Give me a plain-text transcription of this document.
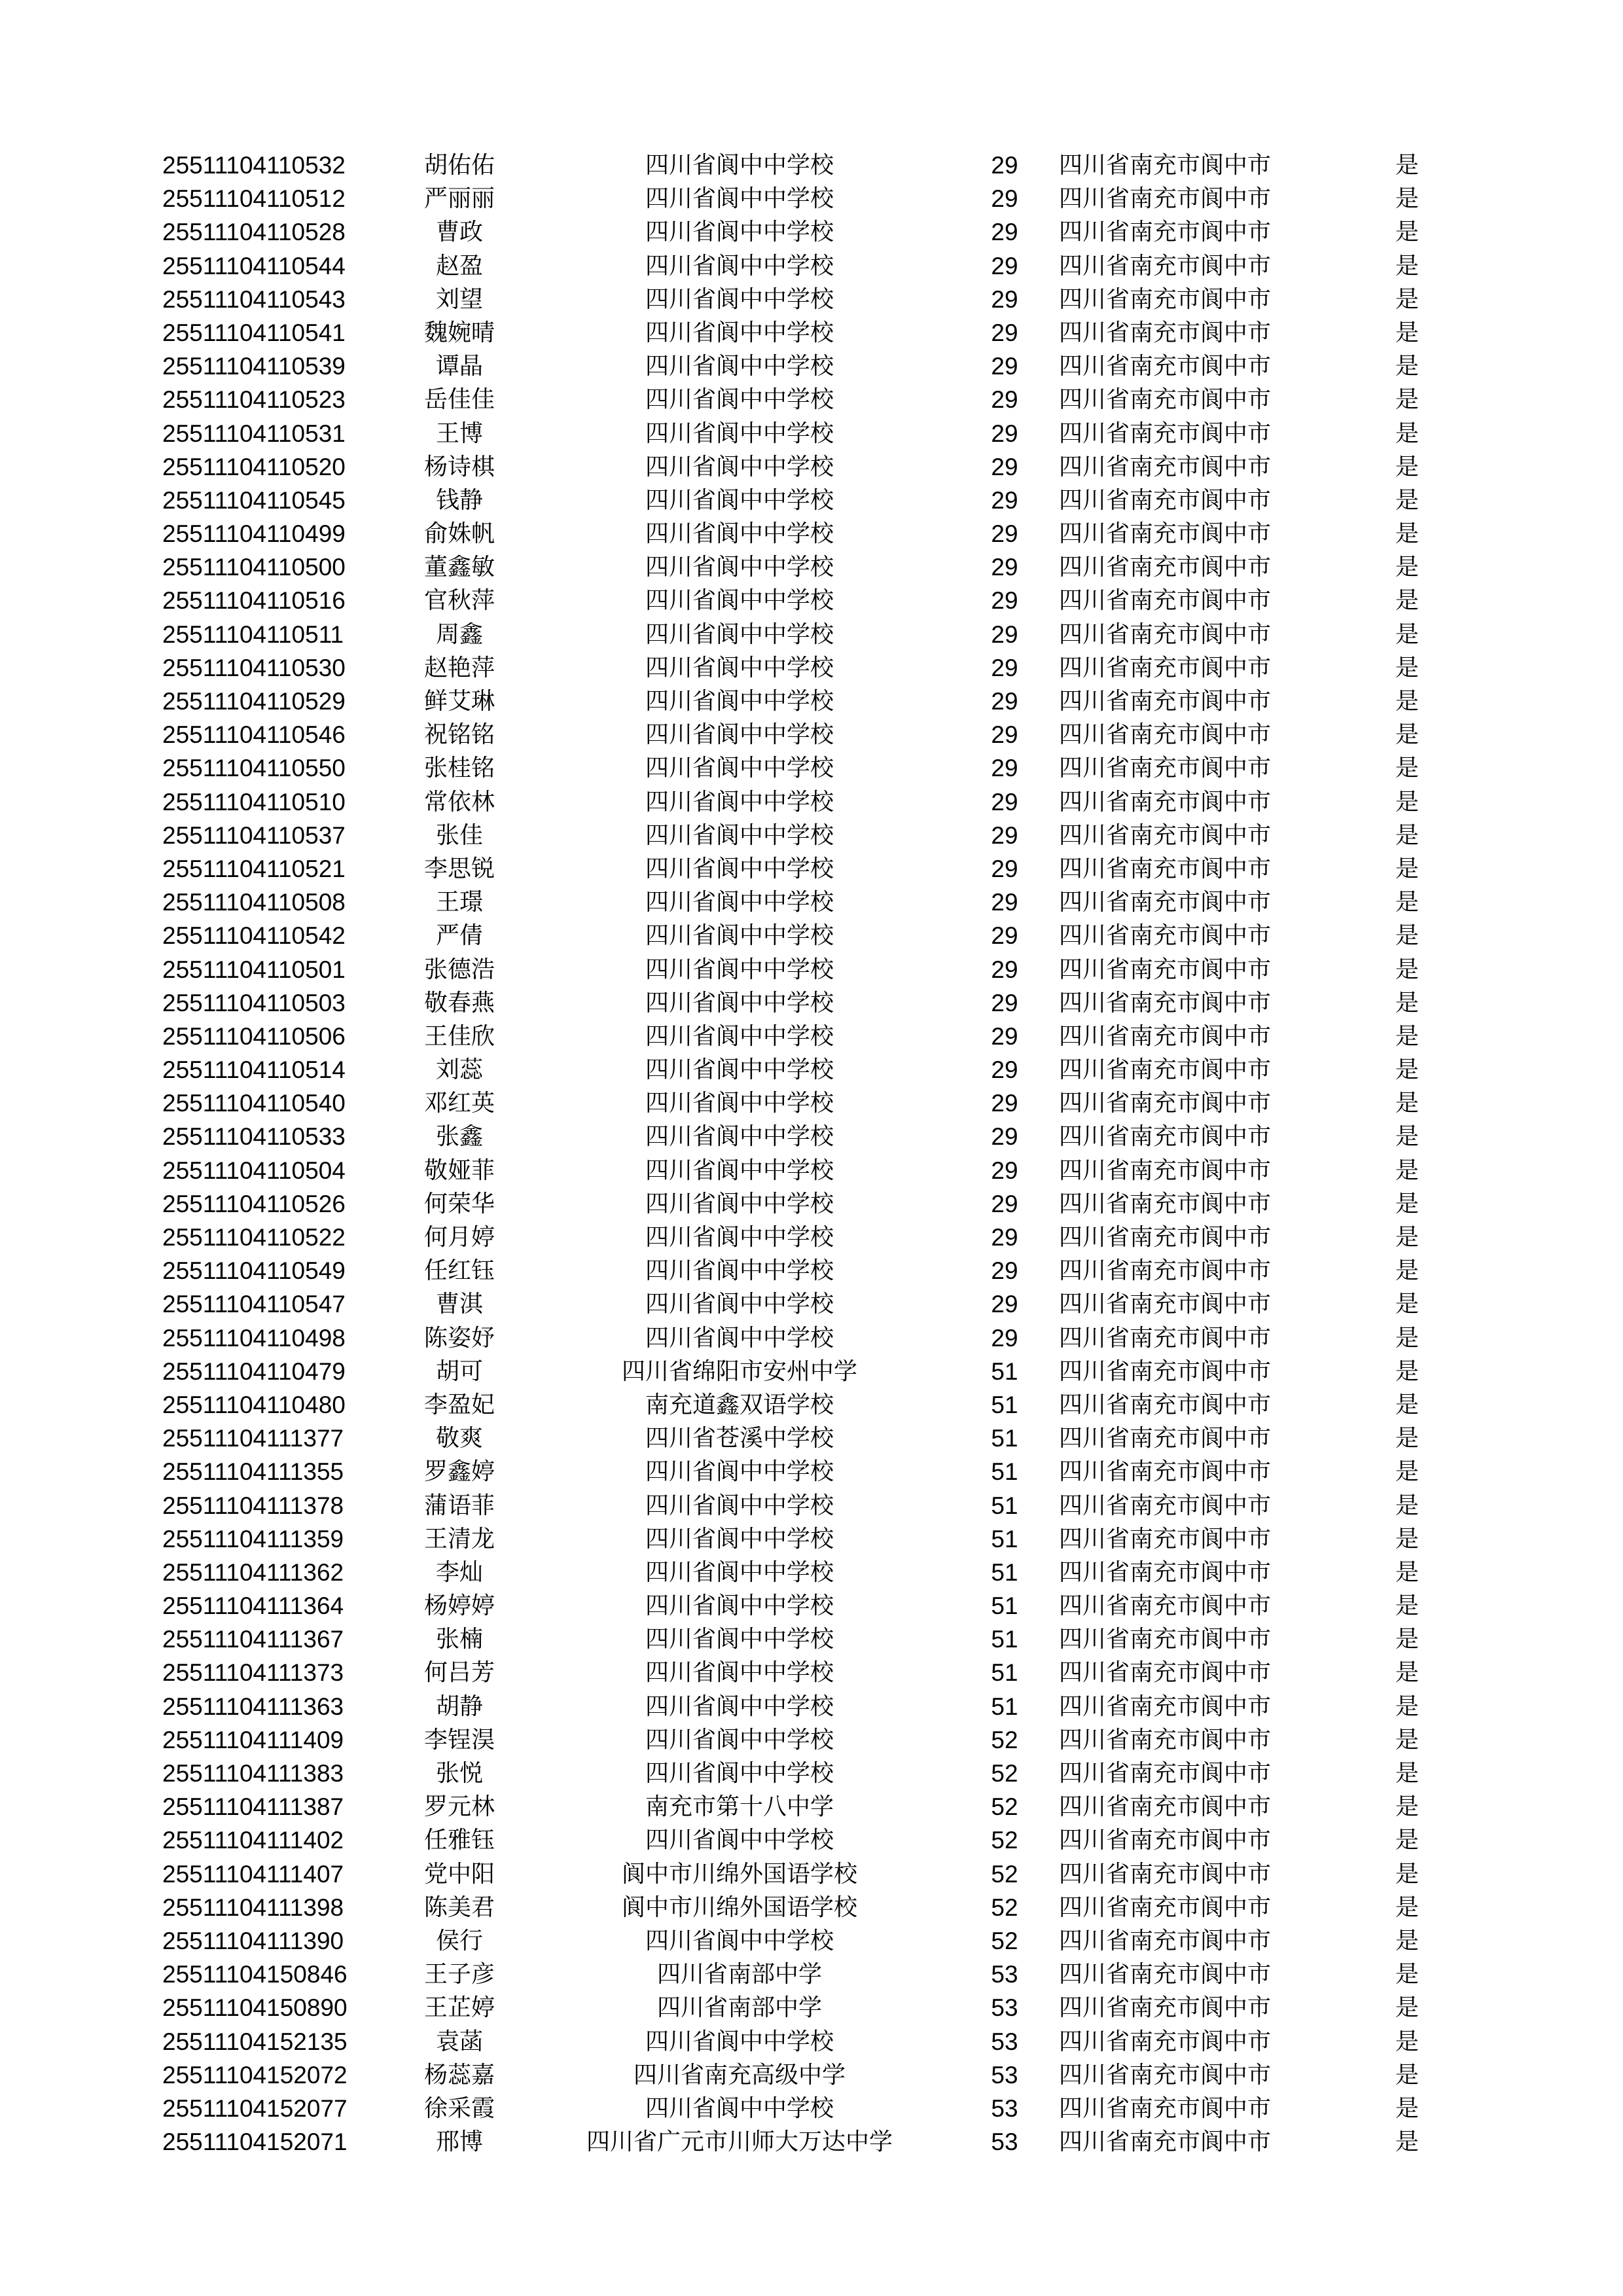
25511104110532	胡佑佑	四川省阆中中学校	29	四川省南充市阆中市	是
25511104110512	严丽丽	四川省阆中中学校	29	四川省南充市阆中市	是
25511104110528	曹政	四川省阆中中学校	29	四川省南充市阆中市	是
25511104110544	赵盈	四川省阆中中学校	29	四川省南充市阆中市	是
25511104110543	刘望	四川省阆中中学校	29	四川省南充市阆中市	是
25511104110541	魏婉晴	四川省阆中中学校	29	四川省南充市阆中市	是
25511104110539	谭晶	四川省阆中中学校	29	四川省南充市阆中市	是
25511104110523	岳佳佳	四川省阆中中学校	29	四川省南充市阆中市	是
25511104110531	王博	四川省阆中中学校	29	四川省南充市阆中市	是
25511104110520	杨诗棋	四川省阆中中学校	29	四川省南充市阆中市	是
25511104110545	钱静	四川省阆中中学校	29	四川省南充市阆中市	是
25511104110499	俞姝帆	四川省阆中中学校	29	四川省南充市阆中市	是
25511104110500	董鑫敏	四川省阆中中学校	29	四川省南充市阆中市	是
25511104110516	官秋萍	四川省阆中中学校	29	四川省南充市阆中市	是
25511104110511	周鑫	四川省阆中中学校	29	四川省南充市阆中市	是
25511104110530	赵艳萍	四川省阆中中学校	29	四川省南充市阆中市	是
25511104110529	鲜艾琳	四川省阆中中学校	29	四川省南充市阆中市	是
25511104110546	祝铭铭	四川省阆中中学校	29	四川省南充市阆中市	是
25511104110550	张桂铭	四川省阆中中学校	29	四川省南充市阆中市	是
25511104110510	常依林	四川省阆中中学校	29	四川省南充市阆中市	是
25511104110537	张佳	四川省阆中中学校	29	四川省南充市阆中市	是
25511104110521	李思锐	四川省阆中中学校	29	四川省南充市阆中市	是
25511104110508	王璟	四川省阆中中学校	29	四川省南充市阆中市	是
25511104110542	严倩	四川省阆中中学校	29	四川省南充市阆中市	是
25511104110501	张德浩	四川省阆中中学校	29	四川省南充市阆中市	是
25511104110503	敬春燕	四川省阆中中学校	29	四川省南充市阆中市	是
25511104110506	王佳欣	四川省阆中中学校	29	四川省南充市阆中市	是
25511104110514	刘蕊	四川省阆中中学校	29	四川省南充市阆中市	是
25511104110540	邓红英	四川省阆中中学校	29	四川省南充市阆中市	是
25511104110533	张鑫	四川省阆中中学校	29	四川省南充市阆中市	是
25511104110504	敬娅菲	四川省阆中中学校	29	四川省南充市阆中市	是
25511104110526	何荣华	四川省阆中中学校	29	四川省南充市阆中市	是
25511104110522	何月婷	四川省阆中中学校	29	四川省南充市阆中市	是
25511104110549	任红钰	四川省阆中中学校	29	四川省南充市阆中市	是
25511104110547	曹淇	四川省阆中中学校	29	四川省南充市阆中市	是
25511104110498	陈姿妤	四川省阆中中学校	29	四川省南充市阆中市	是
25511104110479	胡可	四川省绵阳市安州中学	51	四川省南充市阆中市	是
25511104110480	李盈妃	南充道鑫双语学校	51	四川省南充市阆中市	是
25511104111377	敬爽	四川省苍溪中学校	51	四川省南充市阆中市	是
25511104111355	罗鑫婷	四川省阆中中学校	51	四川省南充市阆中市	是
25511104111378	蒲语菲	四川省阆中中学校	51	四川省南充市阆中市	是
25511104111359	王清龙	四川省阆中中学校	51	四川省南充市阆中市	是
25511104111362	李灿	四川省阆中中学校	51	四川省南充市阆中市	是
25511104111364	杨婷婷	四川省阆中中学校	51	四川省南充市阆中市	是
25511104111367	张楠	四川省阆中中学校	51	四川省南充市阆中市	是
25511104111373	何吕芳	四川省阆中中学校	51	四川省南充市阆中市	是
25511104111363	胡静	四川省阆中中学校	51	四川省南充市阆中市	是
25511104111409	李锃淏	四川省阆中中学校	52	四川省南充市阆中市	是
25511104111383	张悦	四川省阆中中学校	52	四川省南充市阆中市	是
25511104111387	罗元林	南充市第十八中学	52	四川省南充市阆中市	是
25511104111402	任雅钰	四川省阆中中学校	52	四川省南充市阆中市	是
25511104111407	党中阳	阆中市川绵外国语学校	52	四川省南充市阆中市	是
25511104111398	陈美君	阆中市川绵外国语学校	52	四川省南充市阆中市	是
25511104111390	侯行	四川省阆中中学校	52	四川省南充市阆中市	是
25511104150846	王子彦	四川省南部中学	53	四川省南充市阆中市	是
25511104150890	王芷婷	四川省南部中学	53	四川省南充市阆中市	是
25511104152135	袁菡	四川省阆中中学校	53	四川省南充市阆中市	是
25511104152072	杨蕊嘉	四川省南充高级中学	53	四川省南充市阆中市	是
25511104152077	徐采霞	四川省阆中中学校	53	四川省南充市阆中市	是
25511104152071	邢博	四川省广元市川师大万达中学	53	四川省南充市阆中市	是
